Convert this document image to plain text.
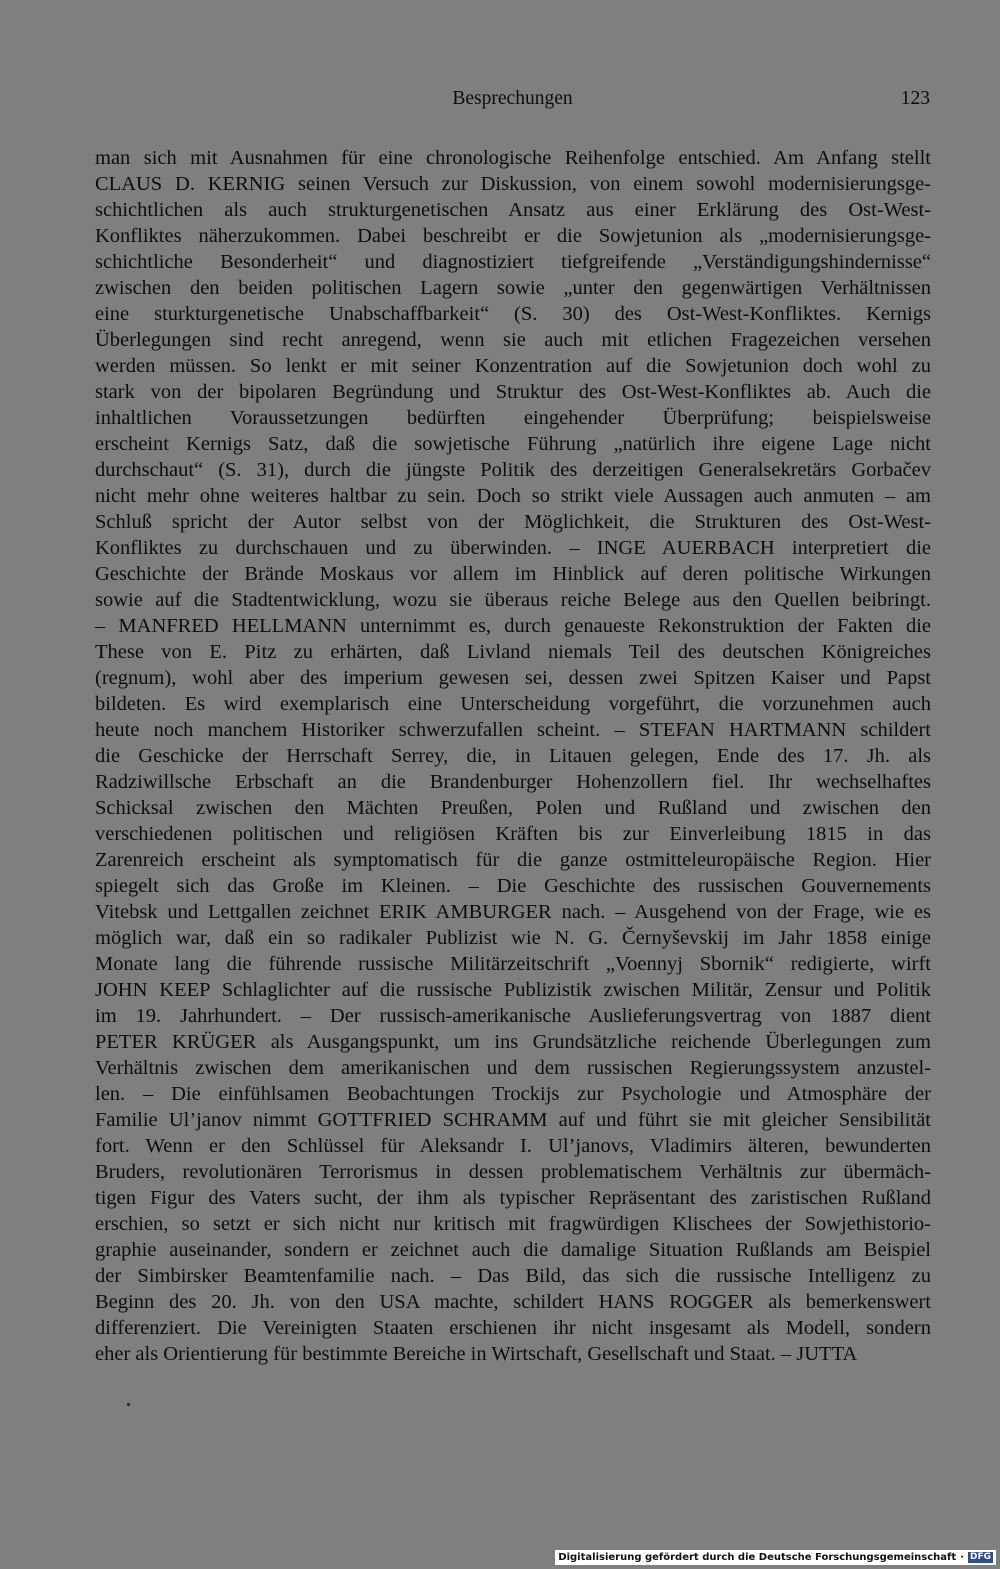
Besprechungen	123
man sich mit Ausnahmen für eine chronologische Reihenfolge entschied. Am Anfang stellt
CLAUS D. KERNIG seinen Versuch zur Diskussion, von einem sowohl modernisierungsge-
schichtlichen als auch strukturgenetischen Ansatz aus einer Erklärung des Ost-West-
Konfliktes näherzukommen. Dabei beschreibt er die Sowjetunion als „modernisierungsge-
schichtliche Besonderheit“ und diagnostiziert tiefgreifende „Verständigungshindernisse“
zwischen den beiden politischen Lagern sowie „unter den gegenwärtigen Verhältnissen
eine sturkturgenetische Unabschaffbarkeit“ (S. 30) des Ost-West-Konfliktes. Kernigs
Überlegungen sind recht anregend, wenn sie auch mit etlichen Fragezeichen versehen
werden müssen. So lenkt er mit seiner Konzentration auf die Sowjetunion doch wohl zu
stark von der bipolaren Begründung und Struktur des Ost-West-Konfliktes ab. Auch die
inhaltlichen Voraussetzungen bedürften eingehender Überprüfung; beispielsweise
erscheint Kernigs Satz, daß die sowjetische Führung „natürlich ihre eigene Lage nicht
durchschaut“ (S. 31), durch die jüngste Politik des derzeitigen Generalsekretärs Gorbačev
nicht mehr ohne weiteres haltbar zu sein. Doch so strikt viele Aussagen auch anmuten – am
Schluß spricht der Autor selbst von der Möglichkeit, die Strukturen des Ost-West-
Konfliktes zu durchschauen und zu überwinden. – INGE AUERBACH interpretiert die
Geschichte der Brände Moskaus vor allem im Hinblick auf deren politische Wirkungen
sowie auf die Stadtentwicklung, wozu sie überaus reiche Belege aus den Quellen beibringt.
– MANFRED HELLMANN unternimmt es, durch genaueste Rekonstruktion der Fakten die
These von E. Pitz zu erhärten, daß Livland niemals Teil des deutschen Königreiches
(regnum), wohl aber des imperium gewesen sei, dessen zwei Spitzen Kaiser und Papst
bildeten. Es wird exemplarisch eine Unterscheidung vorgeführt, die vorzunehmen auch
heute noch manchem Historiker schwerzufallen scheint. – STEFAN HARTMANN schildert
die Geschicke der Herrschaft Serrey, die, in Litauen gelegen, Ende des 17. Jh. als
Radziwillsche Erbschaft an die Brandenburger Hohenzollern fiel. Ihr wechselhaftes
Schicksal zwischen den Mächten Preußen, Polen und Rußland und zwischen den
verschiedenen politischen und religiösen Kräften bis zur Einverleibung 1815 in das
Zarenreich erscheint als symptomatisch für die ganze ostmitteleuropäische Region. Hier
spiegelt sich das Große im Kleinen. – Die Geschichte des russischen Gouvernements
Vitebsk und Lettgallen zeichnet ERIK AMBURGER nach. – Ausgehend von der Frage, wie es
möglich war, daß ein so radikaler Publizist wie N. G. Černyševskij im Jahr 1858 einige
Monate lang die führende russische Militärzeitschrift „Voennyj Sbornik“ redigierte, wirft
JOHN KEEP Schlaglichter auf die russische Publizistik zwischen Militär, Zensur und Politik
im 19. Jahrhundert. – Der russisch-amerikanische Auslieferungsvertrag von 1887 dient
PETER KRÜGER als Ausgangspunkt, um ins Grundsätzliche reichende Überlegungen zum
Verhältnis zwischen dem amerikanischen und dem russischen Regierungssystem anzustel-
len. – Die einfühlsamen Beobachtungen Trockijs zur Psychologie und Atmosphäre der
Familie Ul’janov nimmt GOTTFRIED SCHRAMM auf und führt sie mit gleicher Sensibilität
fort. Wenn er den Schlüssel für Aleksandr I. Ul’janovs, Vladimirs älteren, bewunderten
Bruders, revolutionären Terrorismus in dessen problematischem Verhältnis zur übermäch-
tigen Figur des Vaters sucht, der ihm als typischer Repräsentant des zaristischen Rußland
erschien, so setzt er sich nicht nur kritisch mit fragwürdigen Klischees der Sowjethistorio-
graphie auseinander, sondern er zeichnet auch die damalige Situation Rußlands am Beispiel
der Simbirsker Beamtenfamilie nach. – Das Bild, das sich die russische Intelligenz zu
Beginn des 20. Jh. von den USA machte, schildert HANS ROGGER als bemerkenswert
differenziert. Die Vereinigten Staaten erschienen ihr nicht insgesamt als Modell, sondern
eher als Orientierung für bestimmte Bereiche in Wirtschaft, Gesellschaft und Staat. – JUTTA
Digitalisierung gefördert durch die Deutsche Forschungsgemeinschaft · DFG
